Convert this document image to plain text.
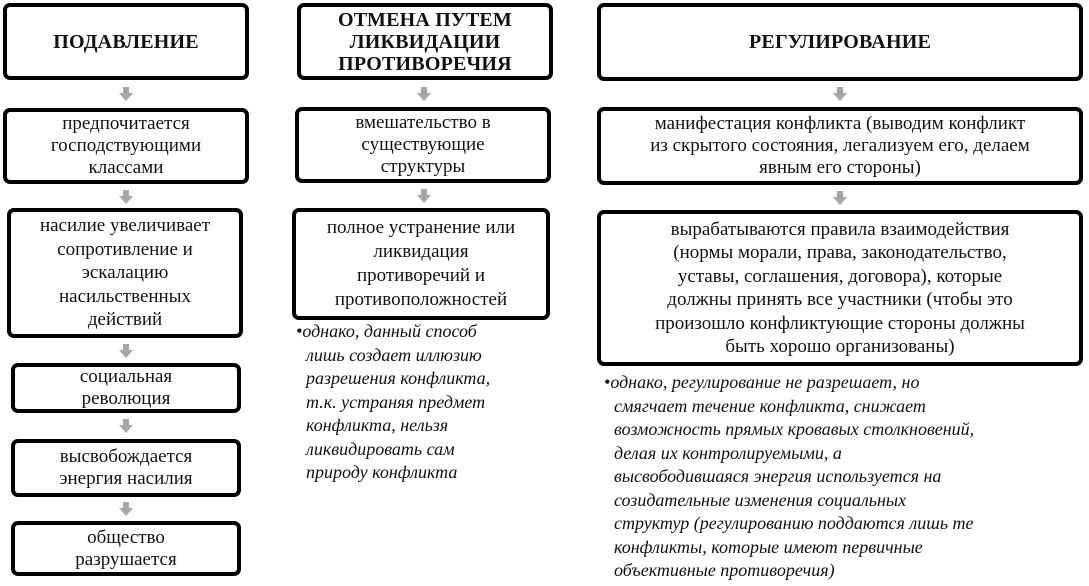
ПОДАВЛЕНИЕ
предпочитается
господствующими
классами
насилие увеличивает
сопротивление и
эскалацию
насильственных
действий
социальная
революция
высвобождается
энергия насилия
общество
разрушается
ОТМЕНА ПУТЕМ
ЛИКВИДАЦИИ
ПРОТИВОРЕЧИЯ
вмешательство в
существующие
структуры
полное устранение или
ликвидация
противоречий и
противоположностей
•однако, данный способ
лишь создает иллюзию
разрешения конфликта,
т.к. устраняя предмет
конфликта, нельзя
ликвидировать сам
природу конфликта
РЕГУЛИРОВАНИЕ
манифестация конфликта (выводим конфликт
из скрытого состояния, легализуем его, делаем
явным его стороны)
вырабатываются правила взаимодействия
(нормы морали, права, законодательство,
уставы, соглашения, договора), которые
должны принять все участники (чтобы это
произошло конфликтующие стороны должны
быть хорошо организованы)
•однако, регулирование не разрешает, но
смягчает течение конфликта, снижает
возможность прямых кровавых столкновений,
делая их контролируемыми, а
высвободившаяся энергия используется на
созидательные изменения социальных
структур (регулированию поддаются лишь те
конфликты, которые имеют первичные
объективные противоречия)
